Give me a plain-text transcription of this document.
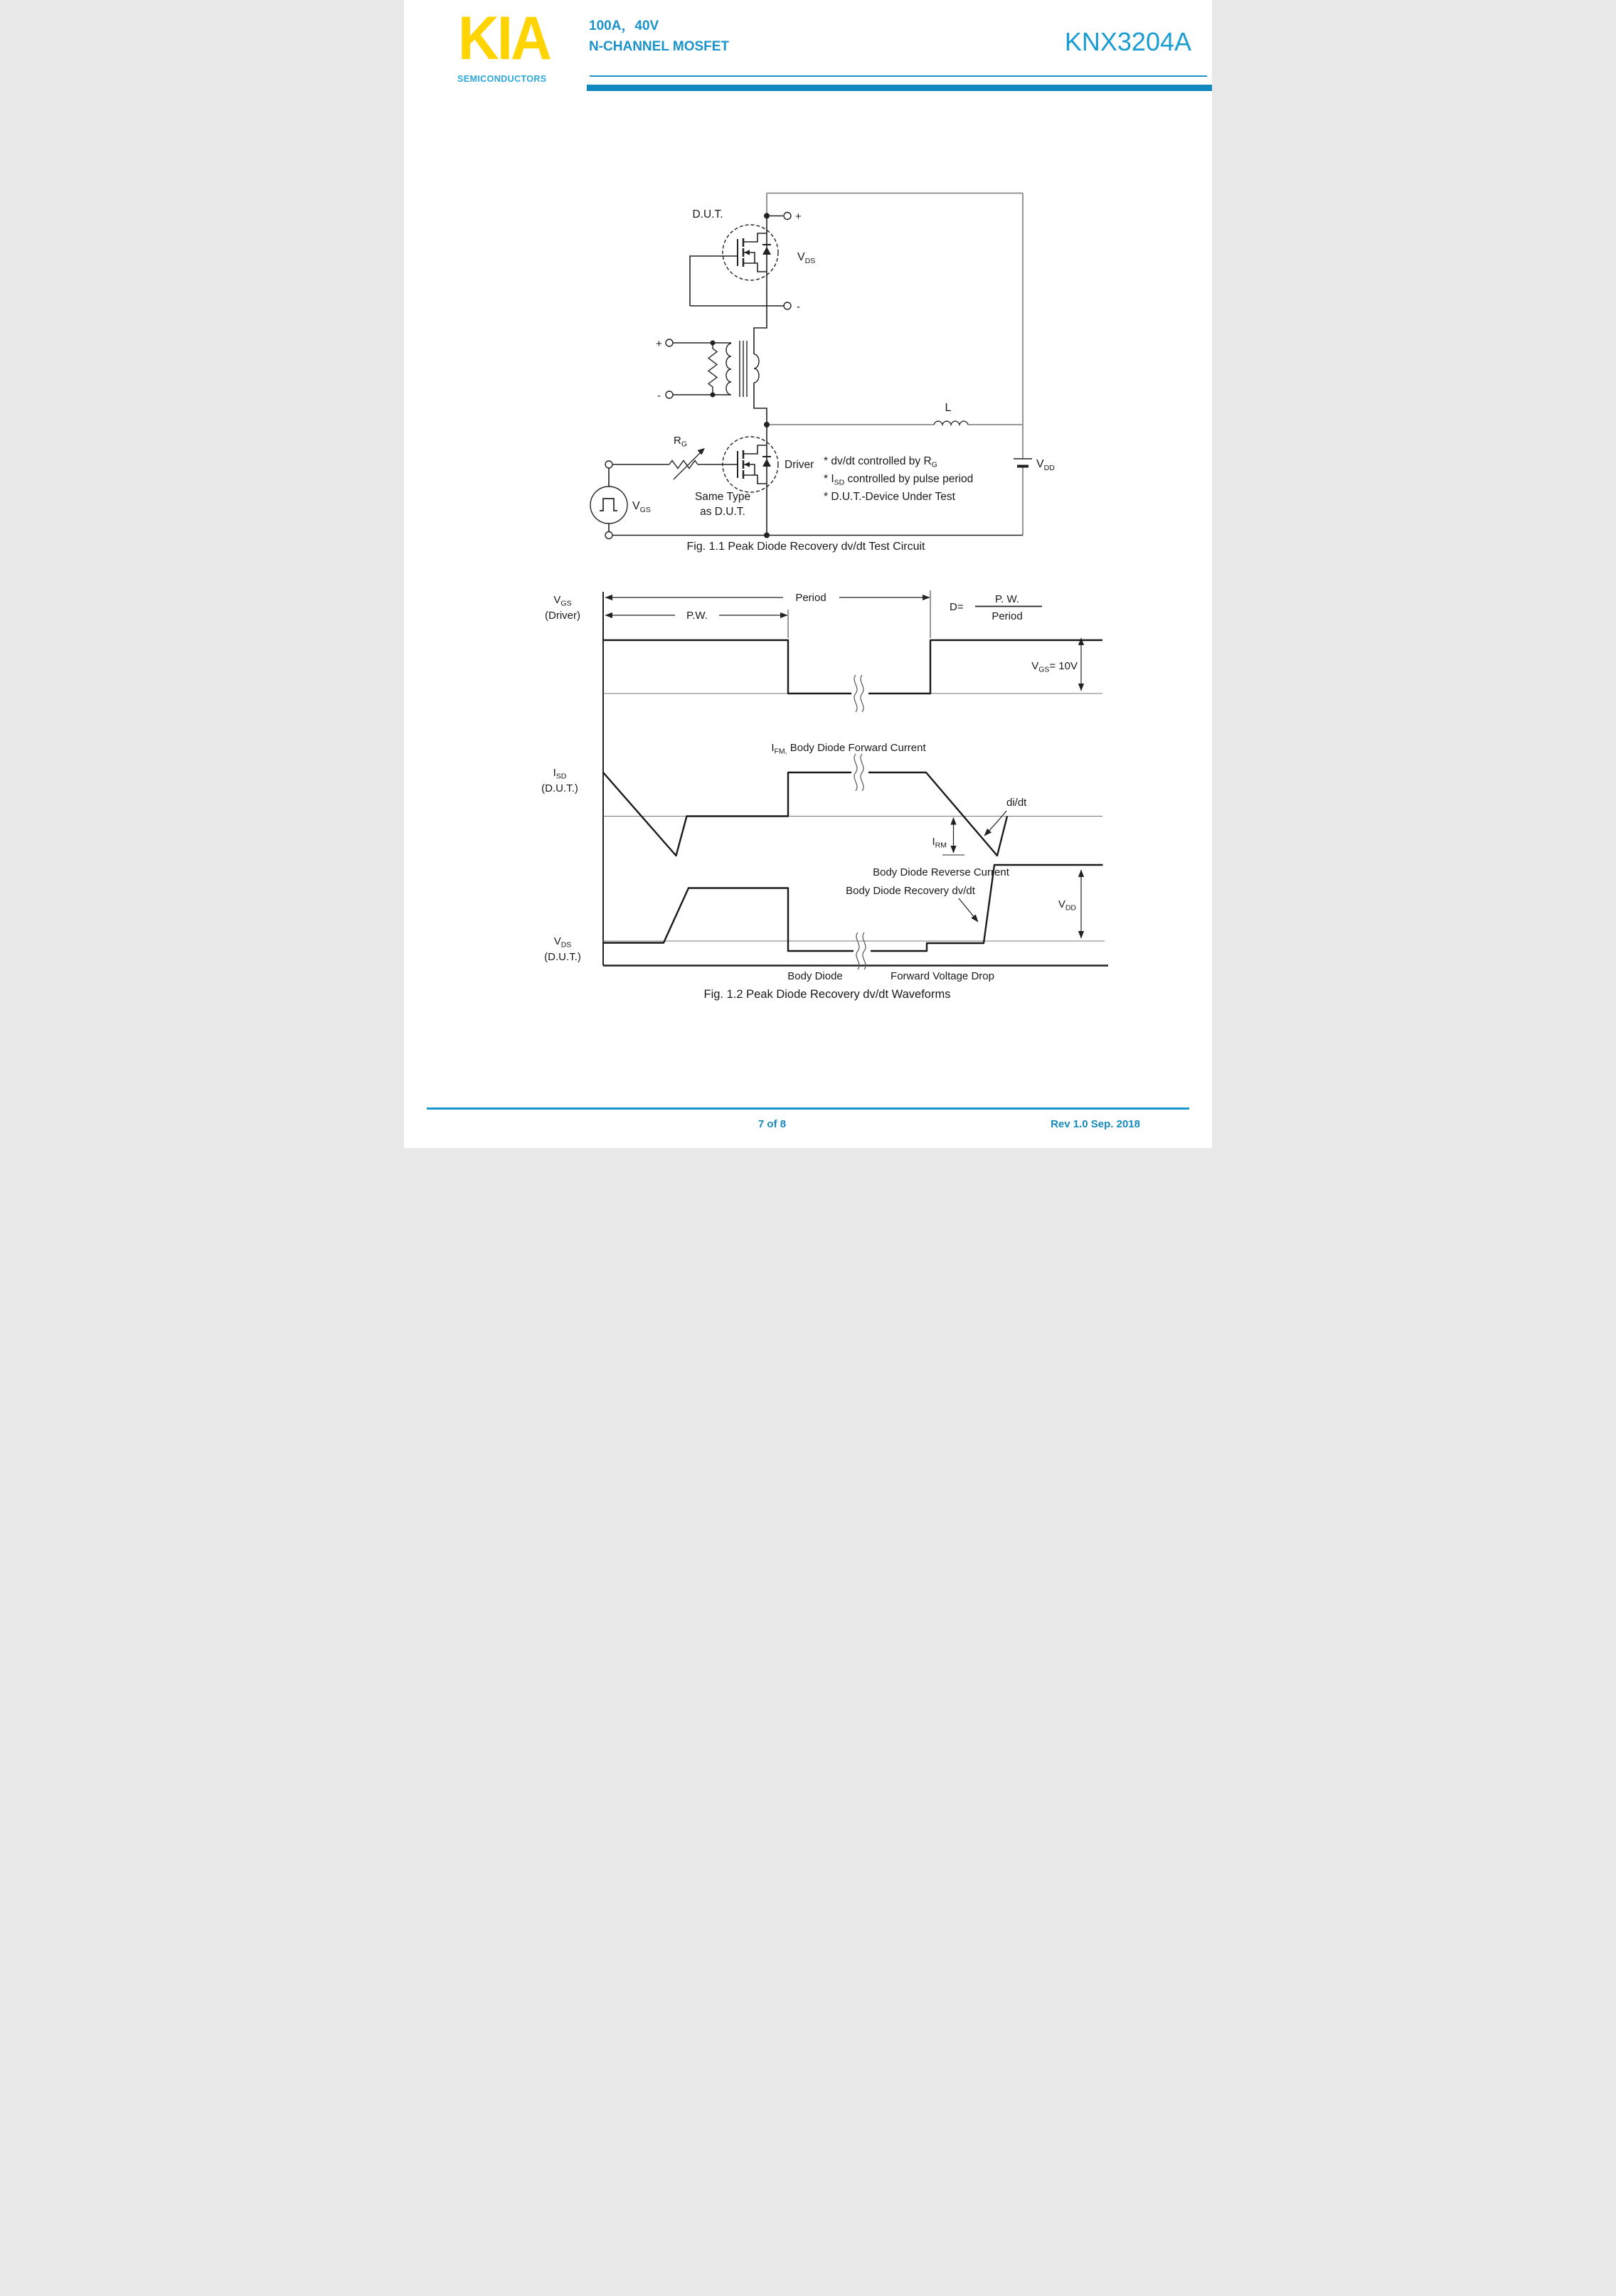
KIA
SEMICONDUCTORS
100A，40V
N-CHANNEL MOSFET	KNX3204A
L
$V_{DD}$
+
-
D.U.T.
$V_{DS}$
+
-
Driver
Same Type
as D.U.T.
$R_G$
$V_{GS}$
* dv/dt controlled by $R_G$
* $I_{SD}$ controlled by pulse period
* D.U.T.-Device Under Test
Fig. 1.1 Peak Diode Recovery dv/dt Test Circuit
$V_{GS}$
(Driver)
Period
P.W.
D=
P. W.
Period
$V_{GS}= 10V$
$I_{SD}$
(D.U.T.)
$I_{FM,}$ Body Diode Forward Current
di/dt
$I_{RM}$
Body Diode Reverse Current
$V_{DS}$
(D.U.T.)
Body Diode Recovery dv/dt
$V_{DD}$
Body Diode	Forward Voltage Drop
Fig. 1.2 Peak Diode Recovery dv/dt Waveforms
7 of 8	Rev 1.0 Sep. 2018
